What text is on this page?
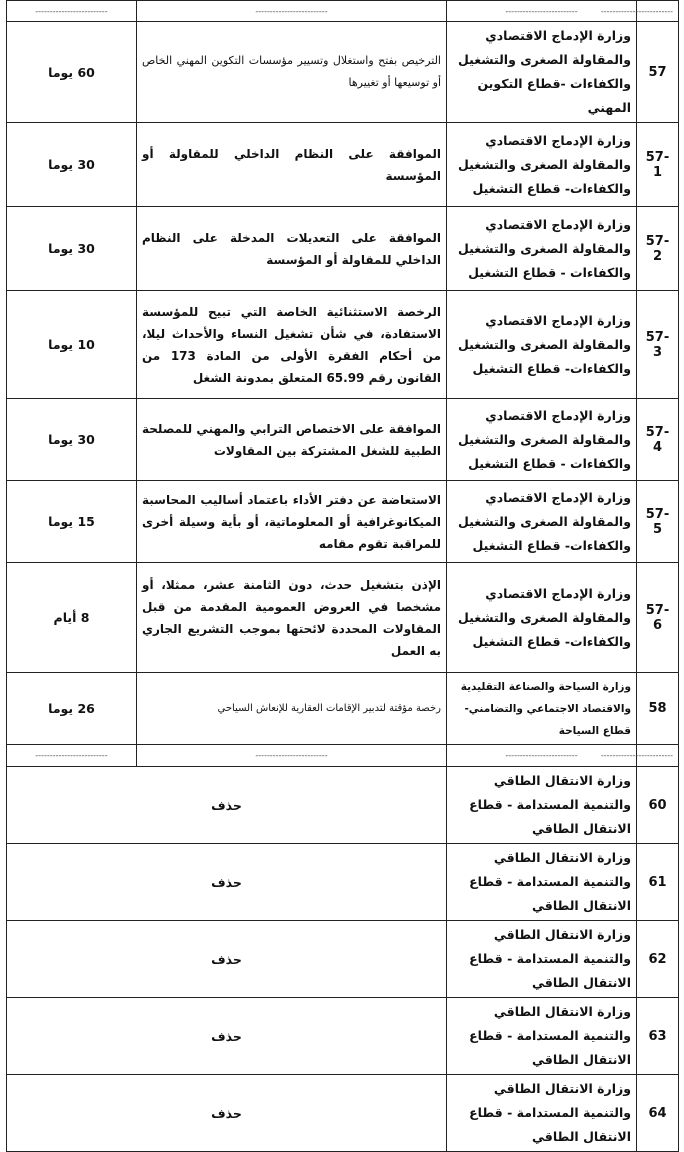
-------------------------	-------------------------	-------------------------	-------------------------
57	وزارة الإدماج الاقتصادي والمقاولة الصغرى والتشغيل والكفاءات -قطاع التكوين المهني	الترخيص بفتح واستغلال وتسيير مؤسسات التكوين المهني الخاص أو توسيعها أو تغييرها	60 يوما
57-1	وزارة الإدماج الاقتصادي والمقاولة الصغرى والتشغيل والكفاءات- قطاع التشغيل	الموافقة على النظام الداخلي للمقاولة أو المؤسسة	30 يوما
57-2	وزارة الإدماج الاقتصادي والمقاولة الصغرى والتشغيل والكفاءات - قطاع التشغيل	الموافقة على التعديلات المدخلة على النظام الداخلي للمقاولة أو المؤسسة	30 يوما
57-3	وزارة الإدماج الاقتصادي والمقاولة الصغرى والتشغيل والكفاءات- قطاع التشغيل	الرخصة الاستثنائية الخاصة التي تبيح للمؤسسة الاستفادة، في شأن تشغيل النساء والأحداث ليلا، من أحكام الفقرة الأولى من المادة 173 من القانون رقم 65.99 المتعلق بمدونة الشغل	10 يوما
57-4	وزارة الإدماج الاقتصادي والمقاولة الصغرى والتشغيل والكفاءات - قطاع التشغيل	الموافقة على الاختصاص الترابي والمهني للمصلحة الطبية للشغل المشتركة بين المقاولات	30 يوما
57-5	وزارة الإدماج الاقتصادي والمقاولة الصغرى والتشغيل والكفاءات- قطاع التشغيل	الاستعاضة عن دفتر الأداء باعتماد أساليب المحاسبة الميكانوغرافية أو المعلوماتية، أو بأية وسيلة أخرى للمراقبة تقوم مقامه	15 يوما
57-6	وزارة الإدماج الاقتصادي والمقاولة الصغرى والتشغيل والكفاءات- قطاع التشغيل	الإذن بتشغيل حدث، دون الثامنة عشر، ممثلا، أو مشخصا في العروض العمومية المقدمة من قبل المقاولات المحددة لائحتها بموجب التشريع الجاري به العمل	8 أيام
58	وزارة السياحة والصناعة التقليدية والاقتصاد الاجتماعي والتضامني-قطاع السياحة	رخصة مؤقتة لتدبير الإقامات العقارية للإنعاش السياحي	26 يوما
-------------------------	-------------------------	-------------------------	-------------------------
60	وزارة الانتقال الطاقي والتنمية المستدامة - قطاع الانتقال الطاقي	حذف	
61	وزارة الانتقال الطاقي والتنمية المستدامة - قطاع الانتقال الطاقي	حذف	
62	وزارة الانتقال الطاقي والتنمية المستدامة - قطاع الانتقال الطاقي	حذف	
63	وزارة الانتقال الطاقي والتنمية المستدامة - قطاع الانتقال الطاقي	حذف	
64	وزارة الانتقال الطاقي والتنمية المستدامة - قطاع الانتقال الطاقي	حذف	
